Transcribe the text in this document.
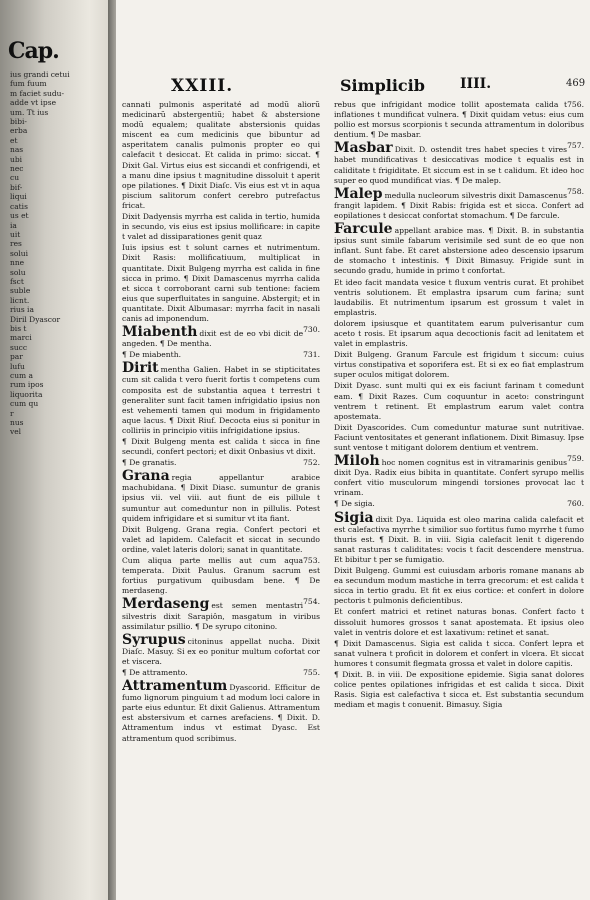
Cap.
ius grandi cetui
fum fuum
m faciet sudu-
adde vt ipse
um. Tt ius
bibi-
erba
et
nas
ubi
nec
cu
bif-
liqui
catis
us et
ia
uit
res
solui
nne
solu
fsct
suble
licnt.
rius ia
Diril Dyascor
bis t
marci
succ
par
lufu
cum a
rum ipos
liquorita
cum qu
r
nus
vel
XXIII.	Simplicib	IIII.	469
cannati pulmonis asperitaté ad modũ aliorũ medicinarũ abstergentiũ; habet & abstersione modũ equalem; qualitate abstersionis quidas miscent ea cum medicinis que bibuntur ad asperitatem canalis pulmonis propter eo qui calefacit t desiccat. Et calida in primo: siccat. ¶ Dixit Gal. Virtus eius est siccandi et confrigendi, et a manu dine ipsius t magnitudine dissoluit t aperit ope pilationes. ¶ Dixit Diaſc. Vis eius est vt in aqua piscium salitorum confert cerebro putrefactus fricat.
Dixit Dadyensis myrrha est calida in tertio, humida in secundo, vis eius est ipsius mollificare: in capite t valet ad dissiparationes genit quaz
Iuis ipsius est t solunt carnes et nutrimentum. Dixit Rasis: mollificatiuum, multiplicat in quantitate. Dixit Bulgeng myrrha est calida in fine sicca in primo. ¶ Dixit Damascenus myrrha calida et sicca t corroborant carni sub tentione: faciem eius que superfluitates in sanguine. Abstergit; et in quantitate. Dixit Albumasar: myrrha facit in nasali canis ad imponendum.
730.
Miabenth dixit est de eo vbi dicit de angeden. ¶ De mentha.
731.
¶ De miabenth.
Dirit mentha Galien. Habet in se stipticitates cum sit calida t vero fuerit fortis t competens cum composita est de substantia aquea t terrestri t generaliter sunt facit tamen infrigidatio ipsius non est vehementi tamen qui modum in frigidamento aque lacus. ¶ Dixit Riuf. Decocta eius si ponitur in colliriis in principio vitiis infrigidatione ipsius.
¶ Dixit Bulgeng menta est calida t sicca in fine secundi, confert pectori; et dixit Onbasius vt dixit.
752.
¶ De granatis.
Grana regia appellantur arabice machubidana. ¶ Dixit Diasc. sumuntur de granis ipsius vii. vel viii. aut fiunt de eis pillule t sumuntur aut comeduntur non in pillulis. Potest quidem infrigidare et si sumitur vt ita fiant.
Dixit Bulgeng. Grana regia. Confert pectori et valet ad lapidem. Calefacit et siccat in secundo ordine, valet lateris dolori; sanat in quantitate.
753.
Cum aliqua parte mellis aut cum aqua temperata. Dixit Paulus. Granum sacrum est fortius purgativum quibusdam bene. ¶ De merdaseng.
754.
Merdaseng est semen mentastri silvestris dixit Sarapiôn, masgatum in viribus assimilatur psillio. ¶ De syrupo citonino.
Syrupus citoninus appellat nucha. Dixit Diaſc. Masuy. Si ex eo ponitur multum cofortat cor et viscera.
755.
¶ De attramento.
Attramentum Dyascorid. Efficitur de fumo lignorum pinguium t ad modum loci calore in parte eius eduntur. Et dixit Galienus. Attramentum est abstersivum et carnes arefaciens. ¶ Dixit. D. Attramentum indus vt estimat Dyasc. Est attramentum quod scribimus.
756.
rebus que infrigidant modice tollit apostemata calida t inflationes t mundificat vulnera. ¶ Dixit quidam vetus: eius cum pollio est morsus scorpionis t secunda attramentum in doloribus dentium. ¶ De masbar.
757.
Masbar Dixit. D. ostendit tres habet species t vires habet mundificativas t desiccativas modice t equalis est in caliditate t frigiditate. Et siccum est in se t calidum. Et ideo hoc super eo quod mundificat vias. ¶ De malep.
758.
Malep medulla nucleorum silvestris dixit Damascenus frangit lapidem. ¶ Dixit Rabis: frigida est et sicca. Confert ad eopilationes t desiccat confortat stomachum. ¶ De farcule.
Farcule appellant arabice mas. ¶ Dixit. B. in substantia ipsius sunt simile fabarum verisimile sed sunt de eo que non inflant. Sunt fabe. Et caret abstersione adeo descensio ipsarum de stomacho t intestinis. ¶ Dixit Bimasuy. Frigide sunt in secundo gradu, humide in primo t confortat.
Et ideo facit mandata vesice t fluxum ventris curat. Et prohibet ventris solutionem. Et emplastra ipsarum cum farina; sunt laudabilis. Et nutrimentum ipsarum est grossum t valet in emplastris.
dolorem ipsiusque et quantitatem earum pulverisantur cum aceto t rosis. Et ipsarum aqua decoctionis facit ad lenitatem et valet in emplastris.
Dixit Bulgeng. Granum Farcule est frigidum t siccum: cuius virtus constipativa et soporifera est. Et si ex eo fiat emplastrum super oculos mitigat dolorem.
Dixit Dyasc. sunt multi qui ex eis faciunt farinam t comedunt eam. ¶ Dixit Razes. Cum coquuntur in aceto: constringunt ventrem t retinent. Et emplastrum earum valet contra apostemata.
Dixit Dyascorides. Cum comeduntur maturae sunt nutritivae. Faciunt ventositates et generant inflationem. Dixit Bimasuy. Ipse sunt ventose t mitigant dolorem dentium et ventrem.
759.
Miloh hoc nomen cognitus est in vitramarinis genibus dixit Dya. Radix eius bibita in quantitate. Confert syrupo mellis confert vitio musculorum mingendi torsiones provocat lac t vrinam.
760.
¶ De sigia.
Sigia dixit Dya. Liquida est oleo marina calida calefacit et est calefactiva myrrhe t similior suo fortitus fumo myrrhe t fumo thuris est. ¶ Dixit. B. in viii. Sigia calefacit lenit t digerendo sanat rasturas t caliditates: vocis t facit descendere menstrua. Et bibitur t per se fumigatio.
Dixit Bulgeng. Gummi est cuiusdam arboris romane manans ab ea secundum modum mastiche in terra grecorum: et est calida t sicca in tertio gradu. Et fit ex eius cortice: et confert in dolore pectoris t pulmonis deficientibus.
Et confert matrici et retinet naturas bonas. Confert facto t dissoluit humores grossos t sanat apostemata. Et ipsius oleo valet in ventris dolore et est laxativum: retinet et sanat.
¶ Dixit Damascenus. Sigia est calida t sicca. Confert lepra et sanat vulnera t proficit in dolorem et confert in vlcera. Et siccat humores t consumit flegmata grossa et valet in dolore capitis.
¶ Dixit. B. in viii. De expositione epidemie. Sigia sanat dolores colice pentes opilationes infrigidas et est calida t sicca. Dixit Rasis. Sigia est calefactiva t sicca et. Est substantia secundum mediam et magis t conuenit. Bimasuy. Sigia
